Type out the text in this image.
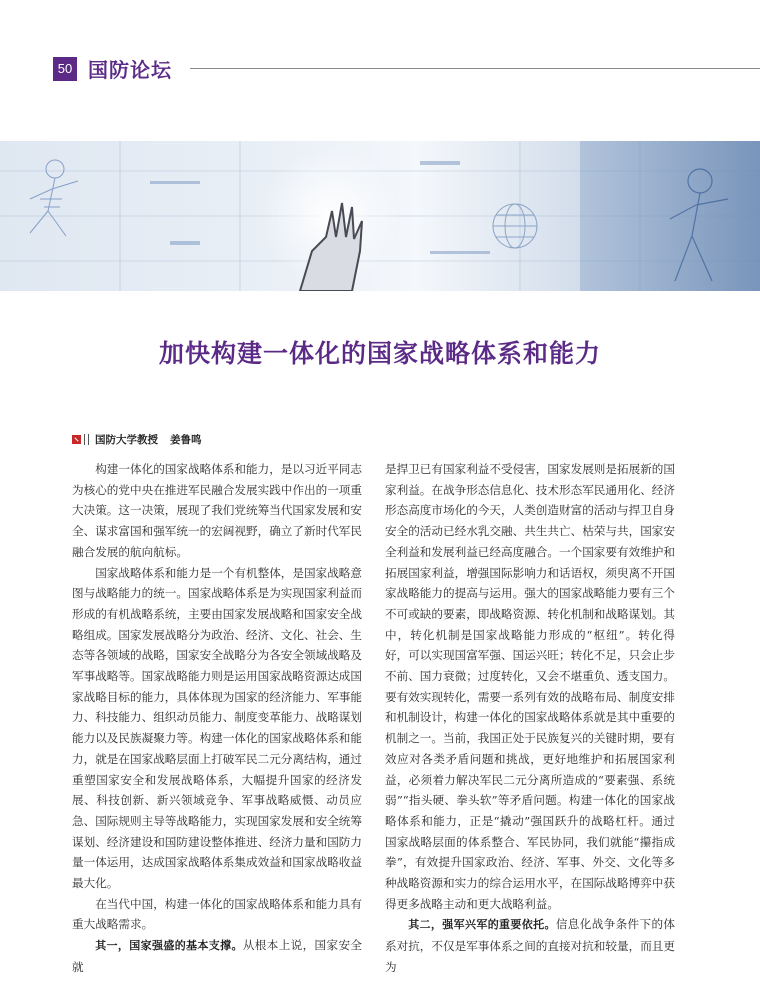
50 国防论坛
加快构建一体化的国家战略体系和能力
国防大学教授 姜鲁鸣

构建一体化的国家战略体系和能力，是以习近平同志为核心的党中央在推进军民融合发展实践中作出的一项重大决策。这一决策，展现了我们党统筹当代国家发展和安全、谋求富国和强军统一的宏阔视野，确立了新时代军民融合发展的航向航标。

国家战略体系和能力是一个有机整体，是国家战略意图与战略能力的统一。国家战略体系是为实现国家利益而形成的有机战略系统，主要由国家发展战略和国家安全战略组成。国家发展战略分为政治、经济、文化、社会、生态等各领域的战略，国家安全战略分为各安全领域战略及军事战略等。国家战略能力则是运用国家战略资源达成国家战略目标的能力，具体体现为国家的经济能力、军事能力、科技能力、组织动员能力、制度变革能力、战略谋划能力以及民族凝聚力等。构建一体化的国家战略体系和能力，就是在国家战略层面上打破军民二元分离结构，通过重塑国家安全和发展战略体系，大幅提升国家的经济发展、科技创新、新兴领域竞争、军事战略威慑、动员应急、国际规则主导等战略能力，实现国家发展和安全统筹谋划、经济建设和国防建设整体推进、经济力量和国防力量一体运用，达成国家战略体系集成效益和国家战略收益最大化。

在当代中国，构建一体化的国家战略体系和能力具有重大战略需求。

其一，国家强盛的基本支撑。从根本上说，国家安全就

是捍卫已有国家利益不受侵害，国家发展则是拓展新的国家利益。在战争形态信息化、技术形态军民通用化、经济形态高度市场化的今天，人类创造财富的活动与捍卫自身安全的活动已经水乳交融、共生共亡、枯荣与共，国家安全利益和发展利益已经高度融合。一个国家要有效维护和拓展国家利益，增强国际影响力和话语权，须臾离不开国家战略能力的提高与运用。强大的国家战略能力要有三个不可或缺的要素，即战略资源、转化机制和战略谋划。其中，转化机制是国家战略能力形成的“枢纽”。转化得好，可以实现国富军强、国运兴旺；转化不足，只会止步不前、国力衰微；过度转化，又会不堪重负、透支国力。要有效实现转化，需要一系列有效的战略布局、制度安排和机制设计，构建一体化的国家战略体系就是其中重要的机制之一。当前，我国正处于民族复兴的关键时期，要有效应对各类矛盾问题和挑战，更好地维护和拓展国家利益，必须着力解决军民二元分离所造成的“要素强、系统弱”“指头硬、拳头软”等矛盾问题。构建一体化的国家战略体系和能力，正是“撬动”强国跃升的战略杠杆。通过国家战略层面的体系整合、军民协同，我们就能“攥指成拳”，有效提升国家政治、经济、军事、外交、文化等多种战略资源和实力的综合运用水平，在国际战略博弈中获得更多战略主动和更大战略利益。

其二，强军兴军的重要依托。信息化战争条件下的体系对抗，不仅是军事体系之间的直接对抗和较量，而且更为
